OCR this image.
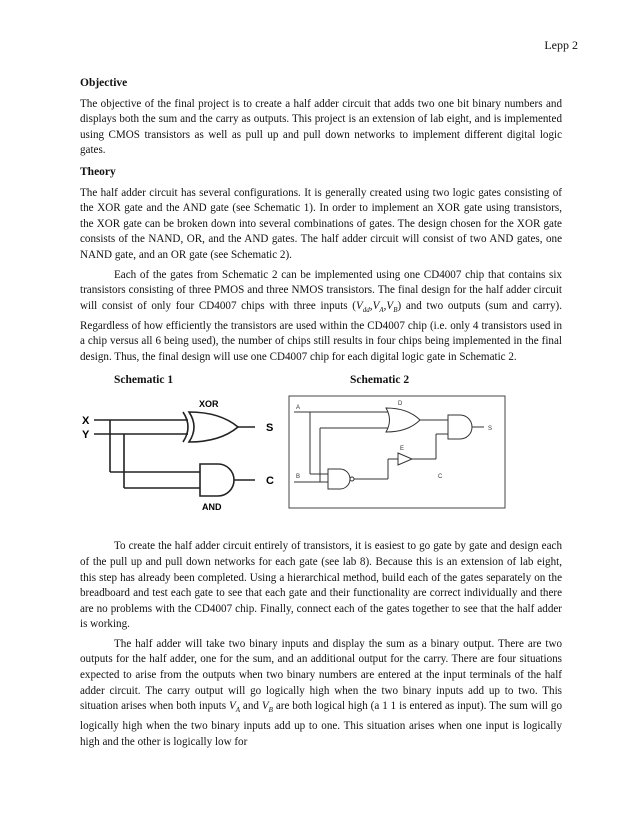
Lepp 2
Objective

The objective of the final project is to create a half adder circuit that adds two one bit binary numbers and displays both the sum and the carry as outputs. This project is an extension of lab eight, and is implemented using CMOS transistors as well as pull up and pull down networks to implement different digital logic gates.

Theory

The half adder circuit has several configurations. It is generally created using two logic gates consisting of the XOR gate and the AND gate (see Schematic 1). In order to implement an XOR gate using transistors, the XOR gate can be broken down into several combinations of gates. The design chosen for the XOR gate consists of the NAND, OR, and the AND gates. The half adder circuit will consist of two AND gates, one NAND gate, and an OR gate (see Schematic 2).

Each of the gates from Schematic 2 can be implemented using one CD4007 chip that contains six transistors consisting of three PMOS and three NMOS transistors. The final design for the half adder circuit will consist of only four CD4007 chips with three inputs $(V_{dd},V_A,V_B)$ and two outputs (sum and carry). Regardless of how efficiently the transistors are used within the CD4007 chip (i.e. only 4 transistors used in a chip versus all 6 being used), the number of chips still results in four chips being implemented in the final design. Thus, the final design will use one CD4007 chip for each digital logic gate in Schematic 2.

Schematic 1	Schematic 2
X
Y
XOR
S
AND
C
A
B
D
C
E
S

To create the half adder circuit entirely of transistors, it is easiest to go gate by gate and design each of the pull up and pull down networks for each gate (see lab 8). Because this is an extension of lab eight, this step has already been completed. Using a hierarchical method, build each of the gates separately on the breadboard and test each gate to see that each gate and their functionality are correct individually and there are no problems with the CD4007 chip. Finally, connect each of the gates together to see that the half adder is working.

The half adder will take two binary inputs and display the sum as a binary output. There are two outputs for the half adder, one for the sum, and an additional output for the carry. There are four situations expected to arise from the outputs when two binary numbers are entered at the input terminals of the half adder circuit. The carry output will go logically high when the two binary inputs add up to two. This situation arises when both inputs $V_A$ and $V_B$ are both logical high (a 1 1 is entered as input). The sum will go logically high when the two binary inputs add up to one. This situation arises when one input is logically high and the other is logically low for
